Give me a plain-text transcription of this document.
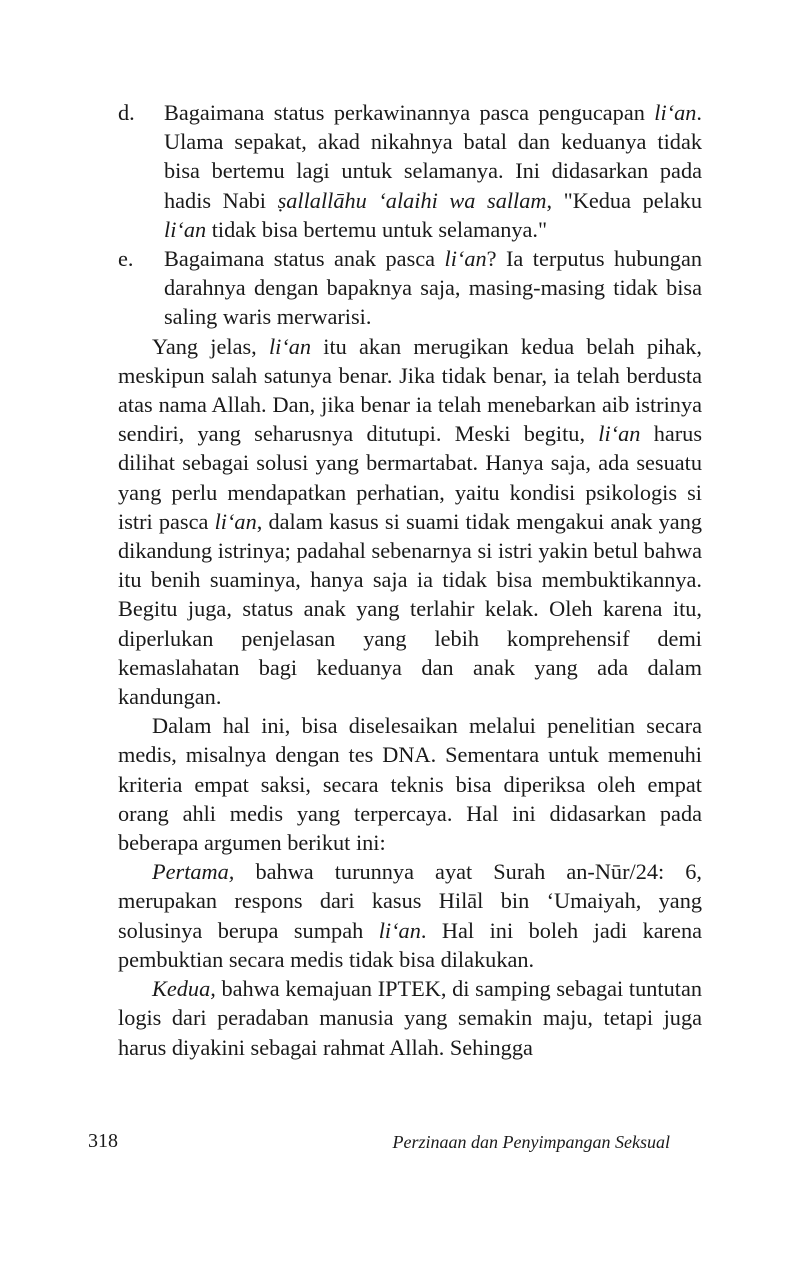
d.	Bagaimana status perkawinannya pasca pengucapan li‘an. Ulama sepakat, akad nikahnya batal dan keduanya tidak bisa bertemu lagi untuk selamanya. Ini didasarkan pada hadis Nabi ṣallallāhu ‘alaihi wa sallam, "Kedua pelaku li‘an tidak bisa bertemu untuk selamanya."
e.	Bagaimana status anak pasca li‘an? Ia terputus hubungan darahnya dengan bapaknya saja, masing-masing tidak bisa saling waris merwarisi.

Yang jelas, li‘an itu akan merugikan kedua belah pihak, meskipun salah satunya benar. Jika tidak benar, ia telah berdusta atas nama Allah. Dan, jika benar ia telah menebarkan aib istrinya sendiri, yang seharusnya ditutupi. Meski begitu, li‘an harus dilihat sebagai solusi yang bermartabat. Hanya saja, ada sesuatu yang perlu mendapatkan perhatian, yaitu kondisi psikologis si istri pasca li‘an, dalam kasus si suami tidak mengakui anak yang dikandung istrinya; padahal sebenarnya si istri yakin betul bahwa itu benih suaminya, hanya saja ia tidak bisa membuktikannya. Begitu juga, status anak yang terlahir kelak. Oleh karena itu, diperlukan penjelasan yang lebih komprehensif demi kemaslahatan bagi keduanya dan anak yang ada dalam kandungan.

Dalam hal ini, bisa diselesaikan melalui penelitian secara medis, misalnya dengan tes DNA. Sementara untuk memenuhi kriteria empat saksi, secara teknis bisa diperiksa oleh empat orang ahli medis yang terpercaya. Hal ini didasarkan pada beberapa argumen berikut ini:

Pertama, bahwa turunnya ayat Surah an-Nūr/24: 6, merupakan respons dari kasus Hilāl bin ‘Umaiyah, yang solusinya berupa sumpah li‘an. Hal ini boleh jadi karena pembuktian secara medis tidak bisa dilakukan.

Kedua, bahwa kemajuan IPTEK, di samping sebagai tuntutan logis dari peradaban manusia yang semakin maju, tetapi juga harus diyakini sebagai rahmat Allah. Sehingga

318	Perzinaan dan Penyimpangan Seksual
